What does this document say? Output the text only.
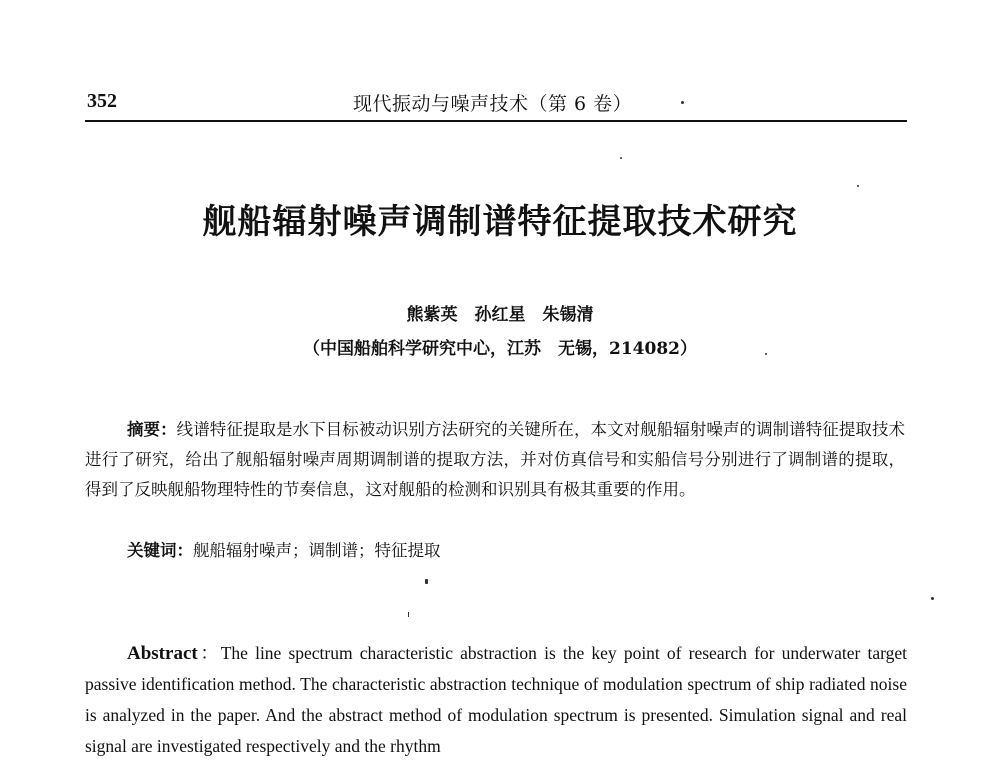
352	现代振动与噪声技术（第 6 卷）
舰船辐射噪声调制谱特征提取技术研究
熊紫英　孙红星　朱锡清
（中国船舶科学研究中心，江苏　无锡，214082）

摘要：线谱特征提取是水下目标被动识别方法研究的关键所在，本文对舰船辐射噪声的调制谱特征提取技术进行了研究，给出了舰船辐射噪声周期调制谱的提取方法，并对仿真信号和实船信号分别进行了调制谱的提取，得到了反映舰船物理特性的节奏信息，这对舰船的检测和识别具有极其重要的作用。

关键词：舰船辐射噪声；调制谱；特征提取

Abstract：The line spectrum characteristic abstraction is the key point of research for underwater target passive identification method. The characteristic abstraction technique of modulation spectrum of ship radiated noise is analyzed in the paper. And the abstract method of modulation spectrum is presented. Simulation signal and real signal are investigated respectively and the rhythm
